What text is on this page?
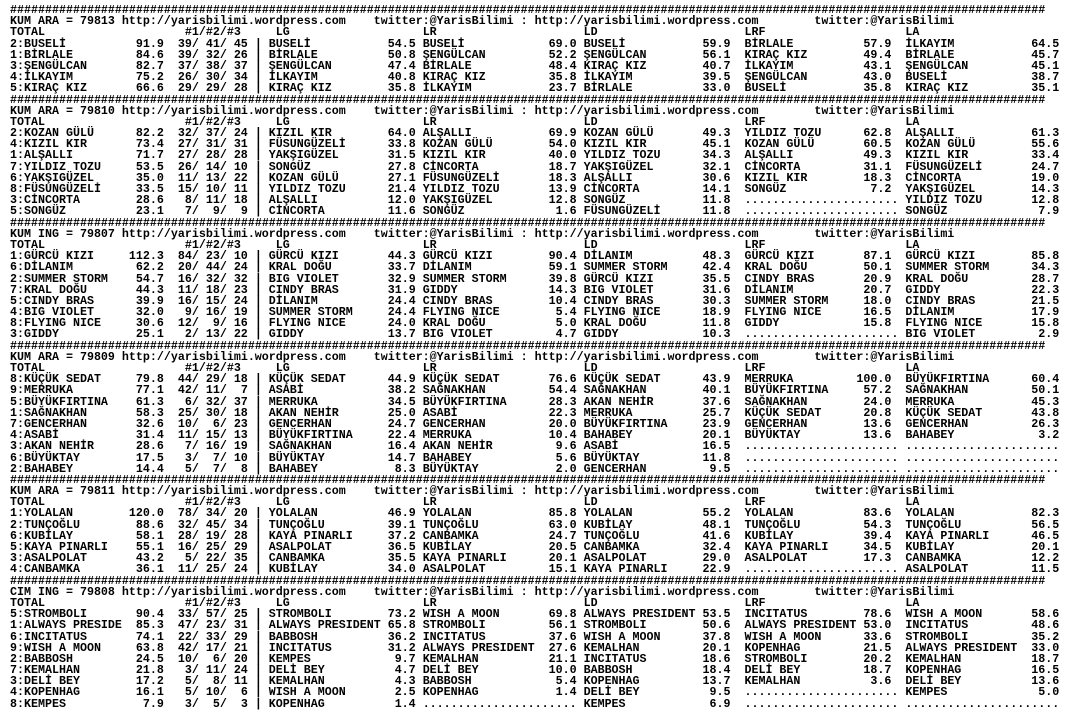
####################################################################################################################################################
KUM ARA = 79813 http://yarisbilimi.wordpress.com twitter:@YarisBilimi : http://yarisbilimi.wordpress.com	twitter:@YarisBilimi
TOTAL	#1/#2/#3	LG	LR	LD	LRF	LA
2:BUSELİ	91.9	39 / 41 / 45 | BUSELİ	54.5 BUSELİ	69.0 BUSELİ	59.9 BİRLALE	57.9 İLKAYIM	64.5
1:BİRLALE	84.6	39 / 32 / 26 | BİRLALE	50.8 ŞENGÜLCAN	52.2 ŞENGÜLCAN	56.1 KIRAÇ KIZ	49.4 BİRLALE	45.7
3:ŞENGÜLCAN	82.7	37 / 38 / 37 | ŞENGÜLCAN	47.4 BİRLALE	48.4 KIRAÇ KIZ	40.7 İLKAYIM	43.1 ŞENGÜLCAN	45.1
4:İLKAYIM	75.2	26 / 30 / 34 | İLKAYIM	40.8 KIRAÇ KIZ	35.8 İLKAYIM	39.5 ŞENGÜLCAN	43.0 BUSELİ	38.7
5:KIRAÇ KIZ	66.6	29 / 29 / 28 | KIRAÇ KIZ	35.8 İLKAYIM	23.7 BİRLALE	33.0 BUSELİ	35.8 KIRAÇ KIZ	35.1
####################################################################################################################################################
KUM ARA = 79810 http://yarisbilimi.wordpress.com twitter:@YarisBilimi : http://yarisbilimi.wordpress.com	twitter:@YarisBilimi
TOTAL	#1/#2/#3	LG	LR	LD	LRF	LA
2:KOZAN GÜLÜ	82.2	32 / 37 / 24 | KIZIL KIR	64.0 ALŞALLI	69.9 KOZAN GÜLÜ	49.3 YILDIZ TOZU	62.8 ALŞALLI	61.3
4:KIZIL KIR	73.4	27 / 31 / 31 | FÜSUNGÜZELİ	33.8 KOZAN GÜLÜ	54.0 KIZIL KIR	45.1 KOZAN GÜLÜ	60.5 KOZAN GÜLÜ	55.6
1:ALŞALLI	71.7	27 / 28 / 28 | YAKŞIGÜZEL	31.5 KIZIL KIR	40.0 YILDIZ TOZU	34.3 ALŞALLI	49.3 KIZIL KIR	33.4
7:YILDIZ TOZU	53.5	26 / 14 / 10 | SONGÜZ	27.8 CİNCORTA	18.7 YAKŞIGÜZEL	32.1 CİNCORTA	31.1 FÜSUNGÜZELİ	24.7
6:YAKŞIGÜZEL	35.0	11 / 13 / 22 | KOZAN GÜLÜ	27.1 FÜSUNGÜZELİ	18.3 ALŞALLI	30.6 KIZIL KIR	18.3 CİNCORTA	19.0
8:FÜSUNGÜZELİ	33.5	15 / 10 / 11 | YILDIZ TOZU	21.4 YILDIZ TOZU	13.9 CİNCORTA	14.1 SONGÜZ	7.2 YAKŞIGÜZEL	14.3
3:CİNCORTA	28.6	8 / 11 / 18 | ALŞALLI	12.0 YAKŞIGÜZEL	12.8 SONGÜZ	11.8 ...................... YILDIZ TOZU	12.8
5:SONGÜZ	23.1	7 /	9 /	9 | CİNCORTA	11.6 SONGÜZ	1.6 FÜSUNGÜZELİ	11.8 ...................... SONGÜZ	7.9
####################################################################################################################################################
KUM ING = 79807 http://yarisbilimi.wordpress.com twitter:@YarisBilimi : http://yarisbilimi.wordpress.com	twitter:@YarisBilimi
TOTAL	#1/#2/#3	LG	LR	LD	LRF	LA
1:GÜRCÜ KIZI	112.3	84 / 23 / 10 | GÜRCÜ KIZI	44.3 GÜRCÜ KIZI	90.4 DİLANIM	48.3 GÜRCÜ KIZI	87.1 GÜRCÜ KIZI	85.8
6:DİLANIM	62.2	20 / 44 / 24 | KRAL DOĞU	33.7 DİLANIM	59.1 SUMMER STORM	42.4 KRAL DOĞU	50.1 SUMMER STORM	34.3
2:SUMMER STORM	54.7	16 / 32 / 32 | BIG VIOLET	32.9 SUMMER STORM	39.8 GÜRCÜ KIZI	35.5 CINDY BRAS	20.9 KRAL DOĞU	28.7
7:KRAL DOĞU	44.3	11 / 18 / 23 | CINDY BRAS	31.9 GIDDY	14.3 BIG VIOLET	31.6 DİLANIM	20.7 GIDDY	22.3
5:CINDY BRAS	39.9	16 / 15 / 24 | DİLANIM	24.4 CINDY BRAS	10.4 CINDY BRAS	30.3 SUMMER STORM	18.0 CINDY BRAS	21.5
4:BIG VIOLET	32.0	9 / 16 / 19 | SUMMER STORM	24.4 FLYING NICE	5.4 FLYING NICE	18.9 FLYING NICE	16.5 DİLANIM	17.9
8:FLYING NICE	30.6	12 /	9 / 16 | FLYING NICE	24.0 KRAL DOĞU	5.0 KRAL DOĞU	11.8 GIDDY	15.8 FLYING NICE	15.8
3:GIDDY	25.1	2 / 13 / 22 | GIDDY	13.7 BIG VIOLET	4.7 GIDDY	10.3 ...................... BIG VIOLET	2.9
####################################################################################################################################################
KUM ARA = 79809 http://yarisbilimi.wordpress.com twitter:@YarisBilimi : http://yarisbilimi.wordpress.com	twitter:@YarisBilimi
TOTAL	#1/#2/#3	LG	LR	LD	LRF	LA
8:KÜÇÜK SEDAT	79.8	44 / 29 / 18 | KÜÇÜK SEDAT	44.9 KÜÇÜK SEDAT	76.6 KÜÇÜK SEDAT	43.9 MERRUKA	100.0 BÜYÜKFIRTINA	60.4
9:MERRUKA	77.1	42 / 11 /	7 | ASABİ	38.2 SAĞNAKHAN	54.4 SAĞNAKHAN	40.1 BÜYÜKFIRTINA	57.2 SAĞNAKHAN	50.1
5:BÜYÜKFIRTINA	61.3	6 / 32 / 37 | MERRUKA	34.5 BÜYÜKFIRTINA	28.3 AKAN NEHİR	37.6 SAĞNAKHAN	24.0 MERRUKA	45.3
1:SAĞNAKHAN	58.3	25 / 30 / 18 | AKAN NEHİR	25.0 ASABİ	22.3 MERRUKA	25.7 KÜÇÜK SEDAT	20.8 KÜÇÜK SEDAT	43.8
7:GENCERHAN	32.6	10 /	6 / 23 | GENCERHAN	24.7 GENCERHAN	20.0 BÜYÜKFIRTINA	23.9 GENCERHAN	13.6 GENCERHAN	26.3
4:ASABİ	31.4	11 / 15 / 13 | BÜYÜKFIRTINA	22.4 MERRUKA	10.4 BAHABEY	20.1 BÜYÜKTAY	13.6 BAHABEY	3.2
3:AKAN NEHİR	28.6	7 / 16 / 19 | SAĞNAKHAN	16.4 AKAN NEHİR	9.6 ASABİ	16.5 ...................... ......................
6:BÜYÜKTAY	17.5	3 /	7 / 10 | BÜYÜKTAY	14.7 BAHABEY	5.6 BÜYÜKTAY	11.8 ...................... ......................
2:BAHABEY	14.4	5 /	7 /	8 | BAHABEY	8.3 BÜYÜKTAY	2.0 GENCERHAN	9.5 ...................... ......................
####################################################################################################################################################
KUM ARA = 79811 http://yarisbilimi.wordpress.com twitter:@YarisBilimi : http://yarisbilimi.wordpress.com	twitter:@YarisBilimi
TOTAL	#1/#2/#3	LG	LR	LD	LRF	LA
1:YOLALAN	120.0	78 / 34 / 20 | YOLALAN	46.9 YOLALAN	85.8 YOLALAN	55.2 YOLALAN	83.6 YOLALAN	82.3
2:TUNÇOĞLU	88.6	32 / 45 / 34 | TUNÇOĞLU	39.1 TUNÇOĞLU	63.0 KUBİLAY	48.1 TUNÇOĞLU	54.3 TUNÇOĞLU	56.5
6:KUBİLAY	58.1	28 / 19 / 28 | KAYA PINARLI	37.2 CANBAMKA	24.7 TUNÇOĞLU	41.6 KUBİLAY	39.4 KAYA PINARLI	46.5
5:KAYA PINARLI	55.1	16 / 25 / 29 | ASALPOLAT	36.5 KUBİLAY	20.5 CANBAMKA	32.4 KAYA PINARLI	34.5 KUBİLAY	20.1
3:ASALPOLAT	43.2	5 / 22 / 35 | CANBAMKA	35.5 KAYA PINARLI	20.1 ASALPOLAT	29.0 ASALPOLAT	17.3 CANBAMKA	12.2
4:CANBAMKA	36.1	11 / 25 / 24 | KUBİLAY	34.0 ASALPOLAT	15.1 KAYA PINARLI	22.9 ...................... ASALPOLAT	11.5
####################################################################################################################################################
CIM ING = 79808 http://yarisbilimi.wordpress.com twitter:@YarisBilimi : http://yarisbilimi.wordpress.com	twitter:@YarisBilimi
TOTAL	#1/#2/#3	LG	LR	LD	LRF	LA
5:STROMBOLI	90.4	33 / 57 / 25 | STROMBOLI	73.2 WISH A MOON	69.8 ALWAYS PRESIDENT 53.5 INCITATUS	78.6 WISH A MOON	58.6
1:ALWAYS PRESIDE	85.3	47 / 23 / 31 | ALWAYS PRESIDENT 65.8 STROMBOLI	56.1 STROMBOLI	50.6 ALWAYS PRESIDENT 53.0 INCITATUS	48.6
6:INCITATUS	74.1	22 / 33 / 29 | BABBOSH	36.2 INCITATUS	37.6 WISH A MOON	37.8 WISH A MOON	33.6 STROMBOLI	35.2
9:WISH A MOON	63.8	42 / 17 / 21 | INCITATUS	31.2 ALWAYS PRESIDENT	27.6 KEMALHAN	20.1 KOPENHAG	21.5 ALWAYS PRESIDENT	33.0
2:BABBOSH	24.5	10 /	6 / 20 | KEMPES	9.7 KEMALHAN	21.1 INCITATUS	18.6 STROMBOLI	20.2 KEMALHAN	18.7
7:KEMALHAN	21.8	3 / 11 / 24 | DELİ BEY	4.7 DELİ BEY	10.0 BABBOSH	18.4 DELİ BEY	18.7 KOPENHAG	16.5
3:DELİ BEY	17.2	5 /	8 / 11 | KEMALHAN	4.3 BABBOSH	5.4 KOPENHAG	13.7 KEMALHAN	3.6 DELİ BEY	13.6
4:KOPENHAG	16.1	5 / 10 /	6 | WISH A MOON	2.5 KOPENHAG	1.4 DELİ BEY	9.5 ...................... KEMPES	5.0
8:KEMPES	7.9	3 /	5 /	3 | KOPENHAG	1.4 ...................... KEMPES	6.9 ...................... ......................
